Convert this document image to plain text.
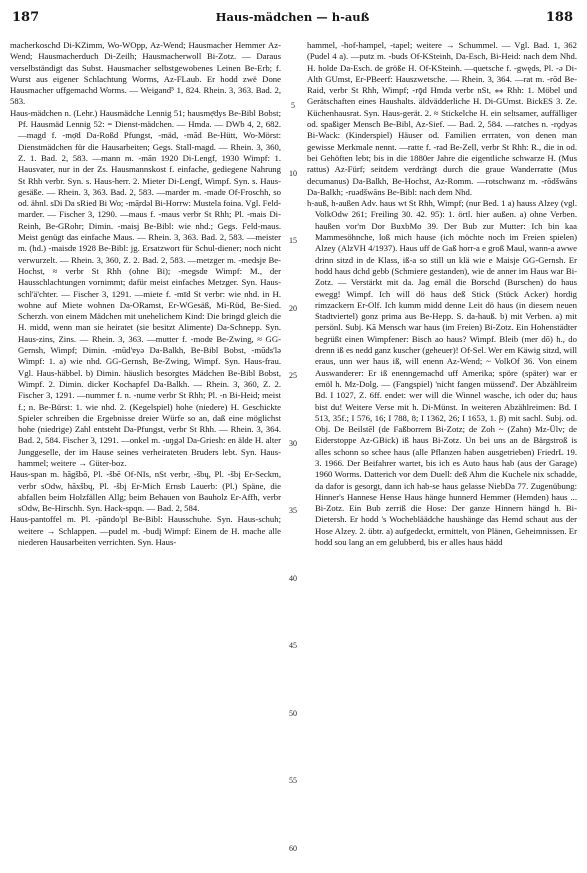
187	Haus-mädchen — h-auß	188

macherkoschd Di-KZimm, Wo-WOpp, Az-Wend; Hausmacher Hemmer Az-Wend; Hausmacherduch Di-Zeilh; Hausmacherwoll Bi-Zotz. — Daraus verselbständigt das Subst. Hausmacher selbstgewobenes Leinen Be-Erb; f. Wurst aus eigener Schlachtung Worms, Az-FLaub. Er hodd zwë Done Hausmacher uffgemachd Worms. — Weigand⁵ 1, 824. Rhein. 3, 363. Bad. 2, 583.

Haus-mädchen n. (Lehr.) Hausmädche Lennig 51; hausmẹ̄dys Be-Bibl Bobst; Pf. Hausmäd Lennig 52: = Dienst-mädchen. — Hmda. — DWb 4, 2, 682. —magd f. -mọ̄d Da-Roßd Pfungst, -mäd, -mād Be-Hütt, Wo-Mörst: Dienstmädchen für die Hausarbeiten; Gegs. Stall-magd. — Rhein. 3, 360, Z. 1. Bad. 2, 583. —mann m. -mān 1920 Di-Lengf, 1930 Wimpf: 1. Hausvater, nur in der Zs. Hausmannskost f. einfache, gediegene Nahrung St Rhh verbr. Syn. s. Haus-herr. 2. Mieter Di-Lengf, Wimpf. Syn. s. Haus-gesäße. — Rhein. 3, 363. Bad. 2, 583. —marder m. -madɐ Of-Froschh, so od. ähnl. sDi Da sRied Bi Wo; -mā̜rdəl Bi-Horrw: Mustela foina. Vgl. Feld-marder. — Fischer 3, 1290. —maus f. -maus verbr St Rhh; Pl. -mais Di-Reinh, Be-GRohr; Dimin. -maisj Be-Bibl: wie nhd.; Gegs. Feld-maus. Meist genügt das einfache Maus. — Rhein. 3, 363. Bad. 2, 583. —meister m. (hd.) -maisdɐ 1928 Be-Bibl: jg. Ersatzwort für Schul-diener; noch nicht verwurzelt. — Rhein. 3, 360, Z. 2. Bad. 2, 583. —metzger m. -medsjɐ Be-Hochst, ≈ verbr St Rhh (ohne Bi); -megsdɐ Wimpf: M., der Hausschlachtungen vornimmt; dafür meist einfaches Metzger. Syn. Haus-schl'ä'chter. — Fischer 3, 1291. —miete f. -mīd St verbr: wie nhd. in H. wohne auf Miete wohnen Da-ORamst, Er-WGesäß, Mi-Rüd, Be-Sied. Scherzh. von einem Mädchen mit unehelichem Kind: Die bringd gleich die H. midd, wenn man sie heiratet (sie besitzt Alimente) Da-Schnepp. Syn. Haus-zins, Zins. — Rhein. 3, 363. —mutter f. -modɐ Be-Zwing, ≈ GG-Gernsh, Wimpf; Dimin. -mūd'ɐyə Da-Balkh, Be-Bibl Bobst, -mūds'lə Wimpf: 1. a) wie nhd. GG-Gernsh, Be-Zwing, Wimpf. Syn. Haus-frau. Vgl. Haus-häbbel. b) Dimin. häuslich besorgtes Mädchen Be-Bibl Bobst, Wimpf. 2. Dimin. dicker Kochapfel Da-Balkh. — Rhein. 3, 360, Z. 2. Fischer 3, 1291. —nummer f. n. -numɐ verbr St Rhh; Pl. -n Bi-Heid; meist f.; n. Be-Bürst: 1. wie nhd. 2. (Kegelspiel) hohe (niedere) H. Geschickte Spieler schreiben die Ergebnisse dreier Würfe so an, daß eine möglichst hohe (niedrige) Zahl entsteht Da-Pfungst, verbr St Rhh. — Rhein. 3, 364. Bad. 2, 584. Fischer 3, 1291. —onkel m. -uŋgəl Da-Griesh: en älde H. alter Junggeselle, der im Hause seines verheirateten Bruders lebt. Syn. Haus-hammel; weitere → Güter-boz.

Haus-span m. hāgšbō, Pl. -šbē Of-NIs, nSt verbr, -šbų, Pl. -šbį Er-Seckm, verbr sOdw, hāxšbų, Pl. -šbį Er-Mich Ernsb Lauerb: (Pl.) Späne, die abfallen beim Holzfällen Allg; beim Behauen von Bauholz Er-Affh, verbr sOdw, Be-Hirschh. Syn. Hack-spqn. — Bad. 2, 584.

Haus-pantoffel m. Pl. -pāndo'pl Be-Bibl: Hausschuhe. Syn. Haus-schuh; weitere → Schlappen. —pudel m. -budį Wimpf: Einem de H. mache alle niederen Hausarbeiten verrichten. Syn. Haus-

5
10
15
20
25
30
35
40
45
50
55
60

hammel, -hof-hampel, -tapel; weitere → Schummel. — Vgl. Bad. 1, 362 (Pudel 4 a). —putz m. -buds Of-KSteinh, Da-Esch, Bi-Heid: nach dem Nhd. H. holde Da-Esch. de größe H. Of-KSteinh. —quetsche f. -gwęds, Pl. -ə Di-Alth GUmst, Er-PBeerf: Hauszwetsche. — Rhein. 3, 364. —rat m. -rōd Be-Raid, verbr St Rhh, Wimpf; -rǭd Hmda verbr nSt, ⁎⁎ Rhh: 1. Möbel und Gerätschaften eines Haushalts. äldvädderliche H. Di-GUmst. BickES 3. Ze. Küchenhausrat. Syn. Haus-gerät. 2. ≈ Stickelche H. ein seltsamer, auffälliger od. spaßiger Mensch Be-Bibl, Az-Sief. — Bad. 2, 584. —ratches n. -rǫdyəs Bi-Wack: (Kinderspiel) Häuser od. Familien errraten, von denen man gewisse Merkmale nennt. —ratte f. -rad Be-Zell, verbr St Rhh: R., die in od. bei Gehöften lebt; bis in die 1880er Jahre die eigentliche schwarze H. (Mus rattus) Az-Fürf; seitdem verdrängt durch die graue Wanderratte (Mus decumanus) Da-Balkh, Be-Hochst, Az-Romm. —rotschwanz m. -rōdšwāns Da-Balkh; -ruədšwāns Be-Bibl: nach dem Nhd.

h-auß, h-außen Adv. haus wt St Rhh, Wimpf; (nur Bed. 1 a) hauss Alzey (vgl. VolkOdw 261; Freiling 30. 42. 95): 1. örtl. hier außen. a) ohne Verben. haußen vor'm Dor BuxbMo 39. Der Bub zur Mutter: Ich bin kaa Mammesöhnche, loß mich hause (ich möchte noch im Freien spielen) Alzey (AlzVH 4/1937). Haus uff de Gaß horr-a e groß Maul, wann-a awwe drinn sitzd in de Klass, iß-a so still un klä wie e Maisje GG-Gernsh. Er hodd haus dchd gebb (Schmiere gestanden), wie de anner im Haus war Bi-Zotz. — Verstärkt mit da. Jag emäl die Borschd (Burschen) do haus ewegg! Wimpf. Ich will dö haus deß Stick (Stück Acker) hordig rimzackern Er-Olf. Ich kumm midd denne Leit dö haus (in diesem neuen Stadtviertel) gonz prima aus Be-Hepp. S. da-hauß. b) mit Verben. a) mit persönl. Subj. Kā Mensch war haus (im Freien) Bi-Zotz. Ein Hohenstädter begrüßt einen Wimpfener: Bisch ao haus? Wimpf. Bleib (mer dō) h., do drenn iß es nedd ganz kuscher (geheuer)! Of-Sel. Wer em Käwig sitzd, will eraus, unn wer haus iß, will enenn Az-Wend; ~ VolkOf 36. Von einem Auswanderer: Er iß enenngemachd uff Amerika; spöre (später) war er emöl h. Mz-Dolg. — (Fangspiel) 'nicht fangen müssend'. Der Abzählreim Bd. I 1027, Z. 6ff. endet: wer will die Winnel wasche, ich oder du; haus bist du! Weitere Verse mit h. Di-Münst. In weiteren Abzählreimen: Bd. I 513, 35f.; I 576, 16; I 788, 8; I 1362, 26; I 1653, 1. β) mit sachl. Subj. od. Obj. De Beilstēl (de Faßborrem Bi-Zotz; de Zoh ~ (Zahn) Mz-Ülv; de Eiderstoppe Az-GBick) iß haus Bi-Zotz. Un bei uns an de Bärgstroß is alles schonn so schee haus (alle Pflanzen haben ausgetrieben) FriedrL 19. 3. 1966. Der Beifahrer wartet, bis ich es Auto haus hab (aus der Garage) 1960 Worms. Datterich vor dem Duell: deß Ahm die Kuchele nix schadde, da dafor is gesorgt, dann ich hab-se haus gelasse NiebDa 77. Zugenübung: Hinner's Hannese Hense Haus hänge hunnerd Hemmer (Hemden) haus ... Bi-Zotz. Ein Bub zerriß die Hose: Der ganze Hinnern hängd h. Bi-Dietersh. Er hodd 's Wochebläädche haushänge das Hemd schaut aus der Hose Alzey. 2. übtr. a) aufgedeckt, ermittelt, von Plänen, Geheimnissen. Er hodd sou lang an em gelubberd, bis er alles haus hädd
